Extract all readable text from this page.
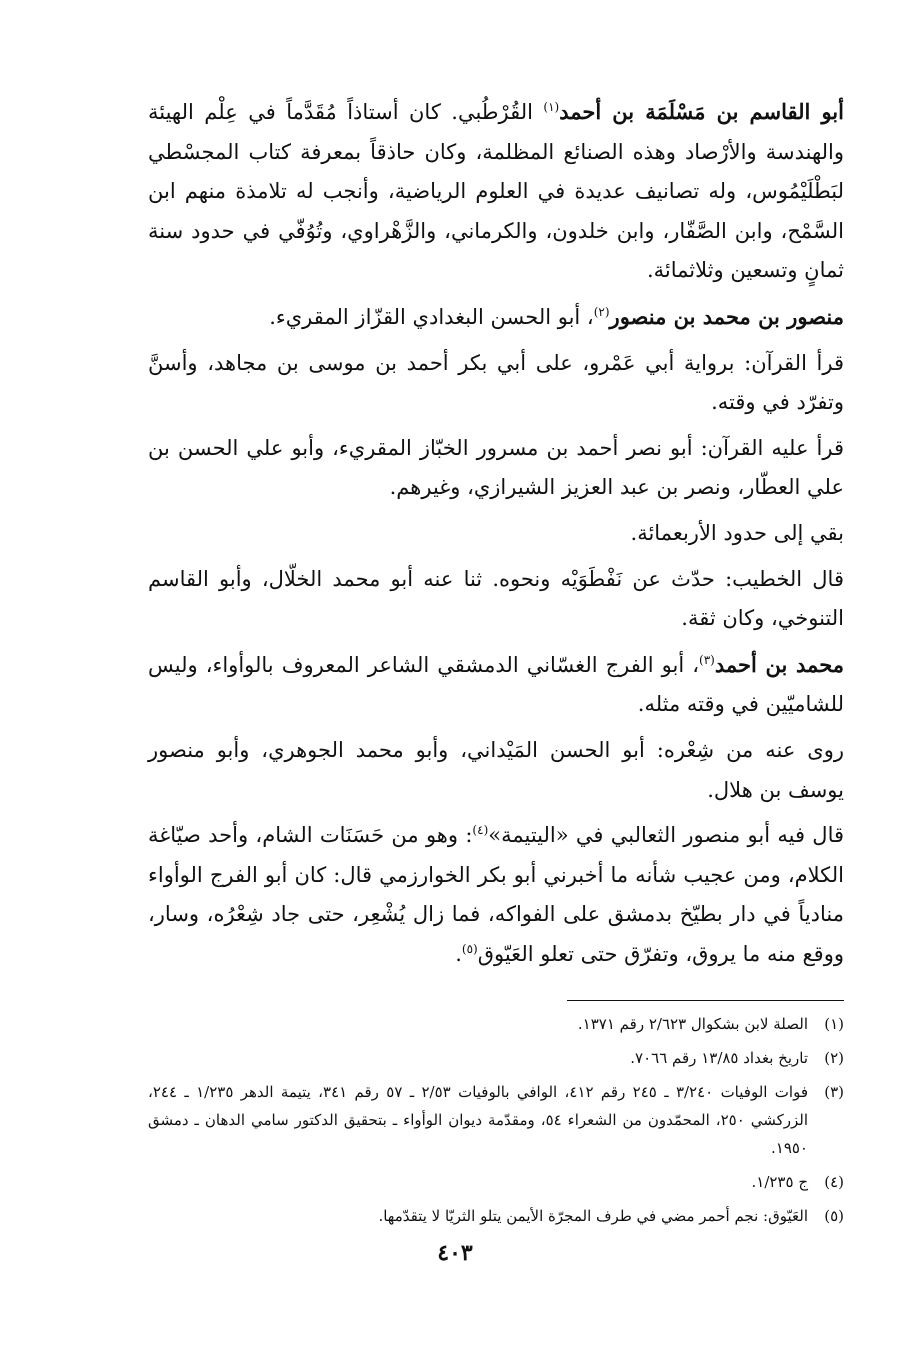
أبو القاسم بن مَسْلَمَة بن أحمد$^{(١)}$ القُرْطُبي. كان أستاذاً مُقَدَّماً في عِلْم الهيئة والهندسة والأرْصاد وهذه الصنائع المظلمة، وكان حاذقاً بمعرفة كتاب المجسْطي لبَطْلَيْمُوس، وله تصانيف عديدة في العلوم الرياضية، وأنجب له تلامذة منهم ابن السَّمْح، وابن الصَّفّار، وابن خلدون، والكرماني، والزَّهْراوي، وتُوُفّي في حدود سنة ثمانٍ وتسعين وثلاثمائة.

منصور بن محمد بن منصور$^{(٢)}$، أبو الحسن البغدادي القزّاز المقريء.

قرأ القرآن: برواية أبي عَمْرو، على أبي بكر أحمد بن موسى بن مجاهد، وأسنَّ وتفرّد في وقته.

قرأ عليه القرآن: أبو نصر أحمد بن مسرور الخبّاز المقريء، وأبو علي الحسن بن علي العطّار، ونصر بن عبد العزيز الشيرازي، وغيرهم.

بقي إلى حدود الأربعمائة.

قال الخطيب: حدّث عن نَفْطَوَيْه ونحوه. ثنا عنه أبو محمد الخلّال، وأبو القاسم التنوخي، وكان ثقة.

محمد بن أحمد$^{(٣)}$، أبو الفرج الغسّاني الدمشقي الشاعر المعروف بالوأواء، وليس للشاميّين في وقته مثله.

روى عنه من شِعْره: أبو الحسن المَيْداني، وأبو محمد الجوهري، وأبو منصور يوسف بن هلال.

قال فيه أبو منصور الثعالبي في «اليتيمة»$^{(٤)}$: وهو من حَسَنَات الشام، وأحد صيّاغة الكلام، ومن عجيب شأنه ما أخبرني أبو بكر الخوارزمي قال: كان أبو الفرج الوأواء منادياً في دار بطيّخ بدمشق على الفواكه، فما زال يُشْعِر، حتى جاد شِعْرُه، وسار، ووقع منه ما يروق، وتفرّق حتى تعلو العَيّوق$^{(٥)}$.

(١)
الصلة لابن بشكوال ٢/٦٢٣ رقم ١٣٧١.
(٢)
تاريخ بغداد ١٣/٨٥ رقم ٧٠٦٦.
(٣)
فوات الوفيات ٣/٢٤٠ ـ ٢٤٥ رقم ٤١٢، الوافي بالوفيات ٢/٥٣ ـ ٥٧ رقم ٣٤١، يتيمة الدهر ١/٢٣٥ ـ ٢٤٤، الزركشي ٢٥٠، المحمّدون من الشعراء ٥٤، ومقدّمة ديوان الوأواء ـ بتحقيق الدكتور سامي الدهان ـ دمشق ١٩٥٠.
(٤)
ج ١/٢٣٥.
(٥)
العَيّوق: نجم أحمر مضي في طرف المجرّة الأيمن يتلو الثريّا لا يتقدّمها.
٤٠٣
